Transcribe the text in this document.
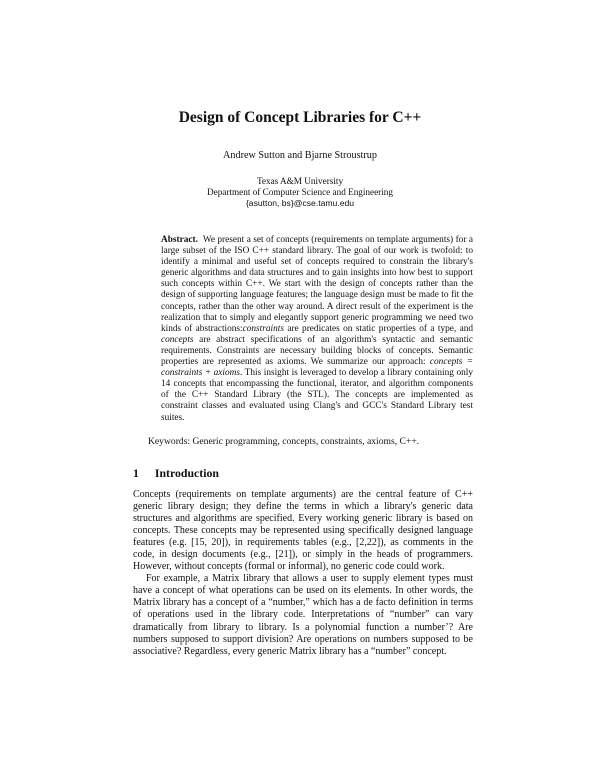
Design of Concept Libraries for C++

Andrew Sutton and Bjarne Stroustrup

Texas A&M University
Department of Computer Science and Engineering
{asutton, bs}@cse.tamu.edu

Abstract. We present a set of concepts (requirements on template arguments) for a large subset of the ISO C++ standard library. The goal of our work is twofold: to identify a minimal and useful set of concepts required to constrain the library's generic algorithms and data structures and to gain insights into how best to support such concepts within C++. We start with the design of concepts rather than the design of supporting language features; the language design must be made to fit the concepts, rather than the other way around. A direct result of the experiment is the realization that to simply and elegantly support generic programming we need two kinds of abstractions:constraints are predicates on static properties of a type, and concepts are abstract specifications of an algorithm's syntactic and semantic requirements. Constraints are necessary building blocks of concepts. Semantic properties are represented as axioms. We summarize our approach: concepts = constraints + axioms. This insight is leveraged to develop a library containing only 14 concepts that encompassing the functional, iterator, and algorithm components of the C++ Standard Library (the STL). The concepts are implemented as constraint classes and evaluated using Clang's and GCC's Standard Library test suites.

Keywords: Generic programming, concepts, constraints, axioms, C++.

1 Introduction

Concepts (requirements on template arguments) are the central feature of C++ generic library design; they define the terms in which a library's generic data structures and algorithms are specified. Every working generic library is based on concepts. These concepts may be represented using specifically designed language features (e.g. [15, 20]), in requirements tables (e.g., [2,22]), as comments in the code, in design documents (e.g., [21]), or simply in the heads of programmers. However, without concepts (formal or informal), no generic code could work.

For example, a Matrix library that allows a user to supply element types must have a concept of what operations can be used on its elements. In other words, the Matrix library has a concept of a “number,” which has a de facto definition in terms of operations used in the library code. Interpretations of “number” can vary dramatically from library to library. Is a polynomial function a number’? Are numbers supposed to support division? Are operations on numbers supposed to be associative? Regardless, every generic Matrix library has a “number” concept.
